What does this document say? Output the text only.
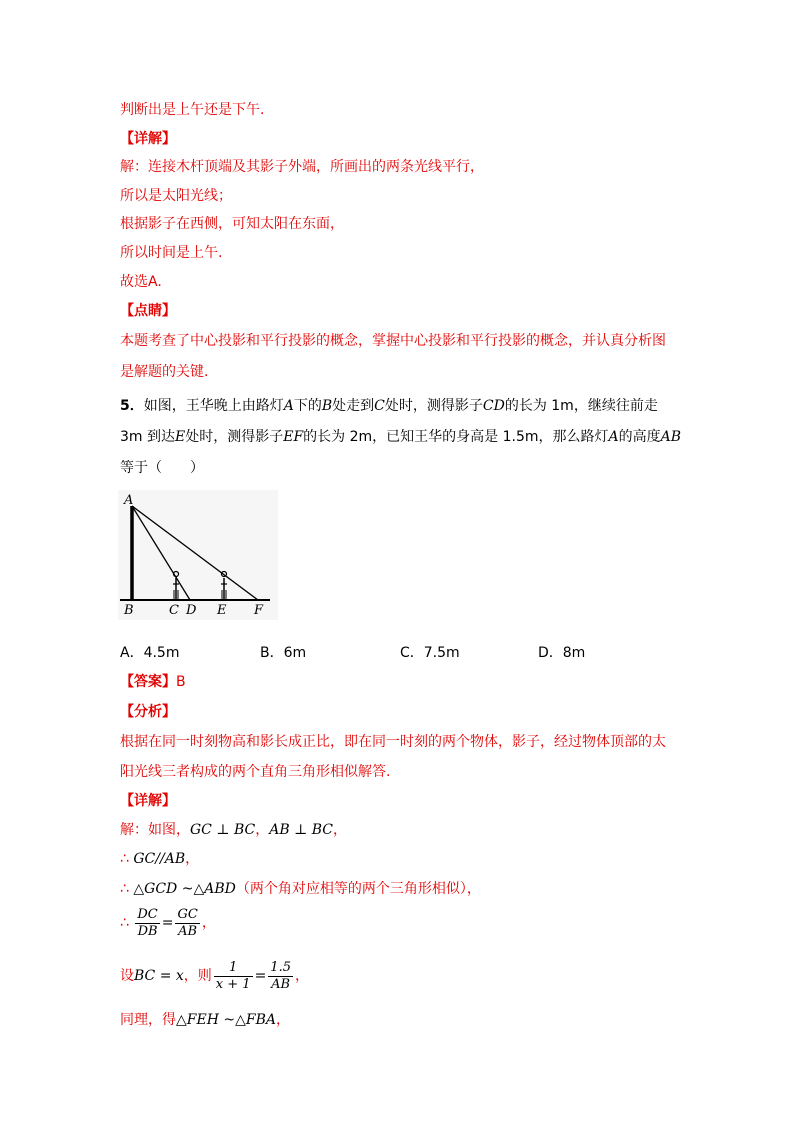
判断出是上午还是下午.
【详解】
解：连接木杆顶端及其影子外端，所画出的两条光线平行，
所以是太阳光线；
根据影子在西侧，可知太阳在东面，
所以时间是上午.
故选A.
【点睛】
本题考查了中心投影和平行投影的概念，掌握中心投影和平行投影的概念，并认真分析图
是解题的关键.
5．如图，王华晚上由路灯A下的B处走到C处时，测得影子CD的长为 1m，继续往前走
3m 到达E处时，测得影子EF的长为 2m，已知王华的身高是 1.5m，那么路灯A的高度AB
等于（　　）
A
B	C D E F
A．4.5m	B．6m	C．7.5m	D．8m
【答案】B
【分析】
根据在同一时刻物高和影长成正比，即在同一时刻的两个物体，影子，经过物体顶部的太
阳光线三者构成的两个直角三角形相似解答.
【详解】
解：如图，GC ⊥ BC，AB ⊥ BC，
∴ GC//AB，
∴ △GCD ~△ABD（两个角对应相等的两个三角形相似），
∴ $\frac{DC}{DB} = \frac{GC}{AB}$ ，
设BC = x，则 $\frac{1}{x + 1} = \frac{1.5}{AB}$ ，
同理，得△FEH ~△FBA，
